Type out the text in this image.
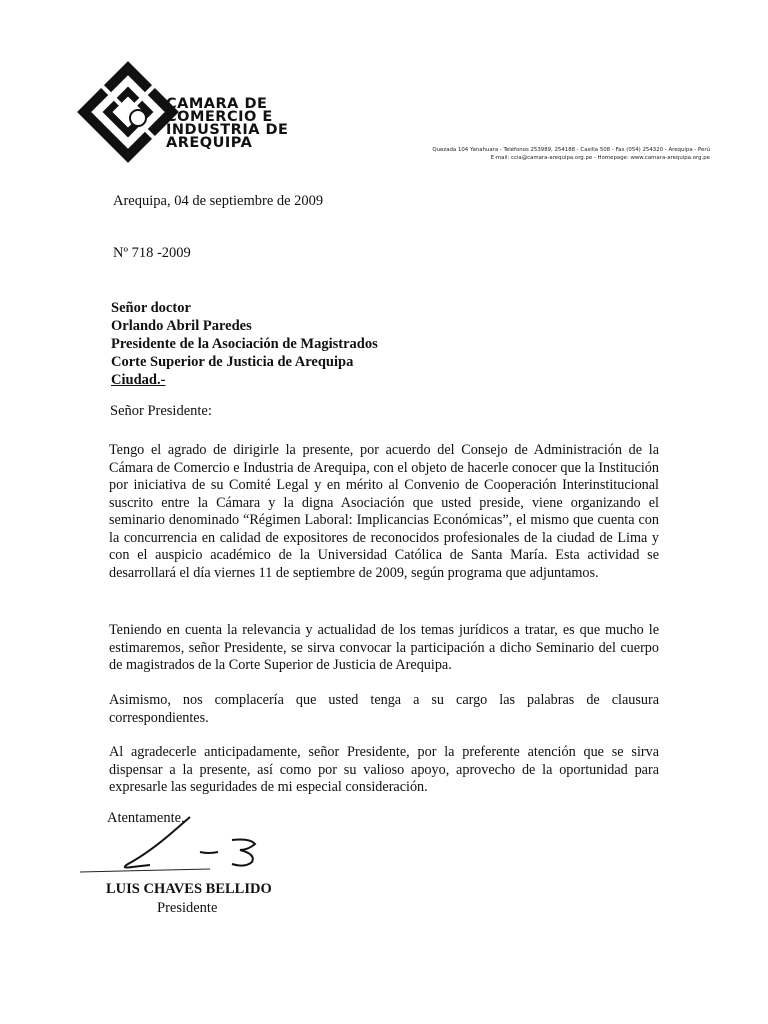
CAMARA DE
COMERCIO E
INDUSTRIA DE
AREQUIPA	Quezada 104 Yanahuara - Teléfonos 253989, 254188 - Casilla 508 - Fax (054) 254320 - Arequipa - Perú
E-mail: ccia@camara-arequipa.org.pe - Homepage: www.camara-arequipa.org.pe
Arequipa, 04 de septiembre de 2009
Nº 718 -2009
Señor doctor
Orlando Abril Paredes
Presidente de la Asociación de Magistrados
Corte Superior de Justicia de Arequipa
Ciudad.-
Señor Presidente:

Tengo el agrado de dirigirle la presente, por acuerdo del Consejo de Administración de la Cámara de Comercio e Industria de Arequipa, con el objeto de hacerle conocer que la Institución por iniciativa de su Comité Legal y en mérito al Convenio de Cooperación Interinstitucional suscrito entre la Cámara y la digna Asociación que usted preside, viene organizando el seminario denominado “Régimen Laboral: Implicancias Económicas”, el mismo que cuenta con la concurrencia en calidad de expositores de reconocidos profesionales de la ciudad de Lima y con el auspicio académico de la Universidad Católica de Santa María. Esta actividad se desarrollará el día viernes 11 de septiembre de 2009, según programa que adjuntamos.

Teniendo en cuenta la relevancia y actualidad de los temas jurídicos a tratar, es que mucho le estimaremos, señor Presidente, se sirva convocar la participación a dicho Seminario del cuerpo de magistrados de la Corte Superior de Justicia de Arequipa.

Asimismo, nos complacería que usted tenga a su cargo las palabras de clausura correspondientes.

Al agradecerle anticipadamente, señor Presidente, por la preferente atención que se sirva dispensar a la presente, así como por su valioso apoyo, aprovecho de la oportunidad para expresarle las seguridades de mi especial consideración.

Atentamente,
LUIS CHAVES BELLIDO
Presidente
